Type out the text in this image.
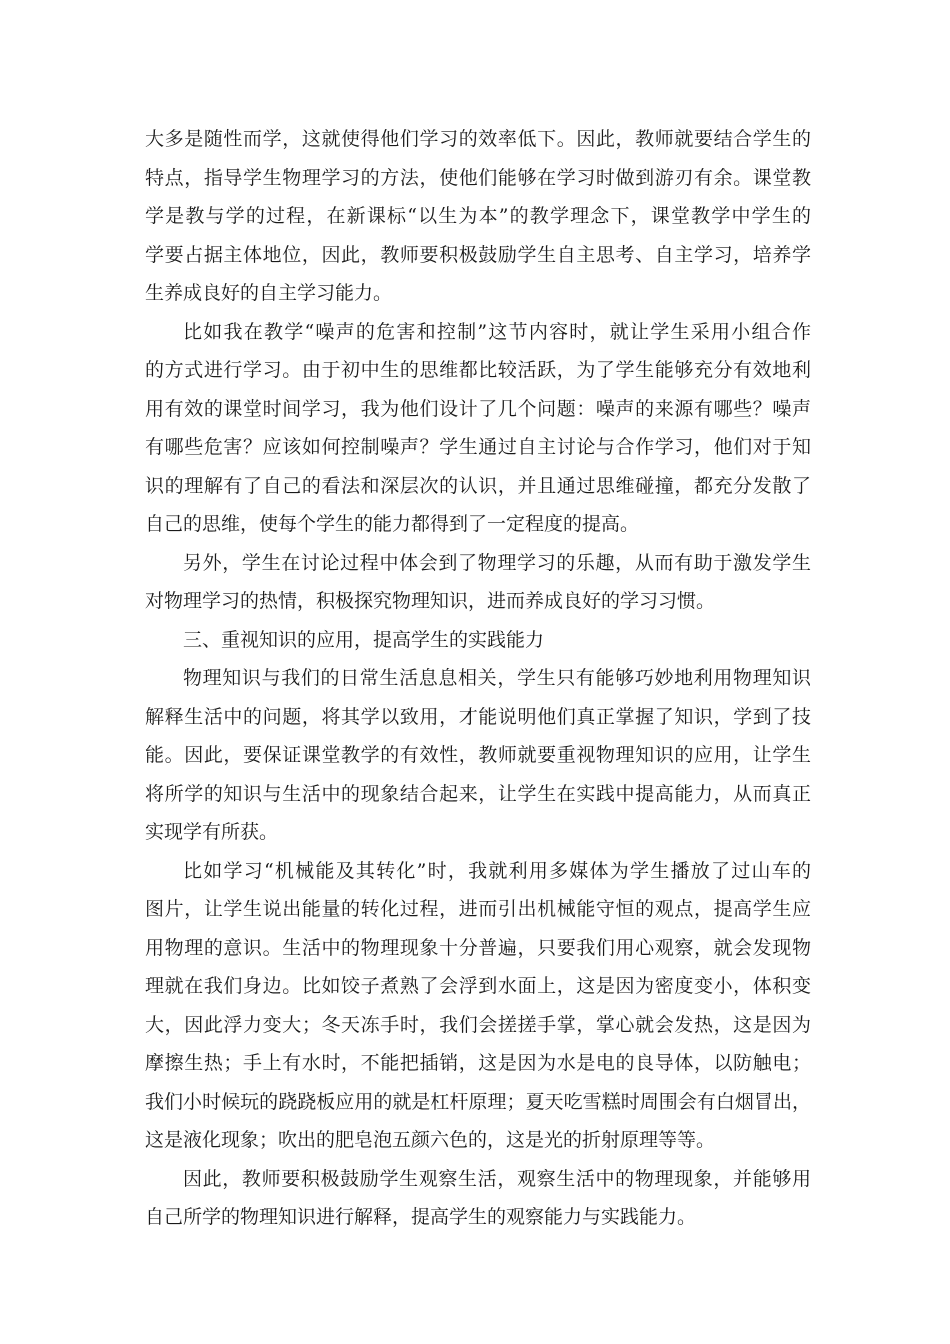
大多是随性而学，这就使得他们学习的效率低下。因此，教师就要结合学生的
特点，指导学生物理学习的方法，使他们能够在学习时做到游刃有余。课堂教
学是教与学的过程，在新课标“以生为本”的教学理念下，课堂教学中学生的
学要占据主体地位，因此，教师要积极鼓励学生自主思考、自主学习，培养学
生养成良好的自主学习能力。
比如我在教学“噪声的危害和控制”这节内容时，就让学生采用小组合作
的方式进行学习。由于初中生的思维都比较活跃，为了学生能够充分有效地利
用有效的课堂时间学习，我为他们设计了几个问题：噪声的来源有哪些？噪声
有哪些危害？应该如何控制噪声？学生通过自主讨论与合作学习，他们对于知
识的理解有了自己的看法和深层次的认识，并且通过思维碰撞，都充分发散了
自己的思维，使每个学生的能力都得到了一定程度的提高。
另外，学生在讨论过程中体会到了物理学习的乐趣，从而有助于激发学生
对物理学习的热情，积极探究物理知识，进而养成良好的学习习惯。
三、重视知识的应用，提高学生的实践能力
物理知识与我们的日常生活息息相关，学生只有能够巧妙地利用物理知识
解释生活中的问题，将其学以致用，才能说明他们真正掌握了知识，学到了技
能。因此，要保证课堂教学的有效性，教师就要重视物理知识的应用，让学生
将所学的知识与生活中的现象结合起来，让学生在实践中提高能力，从而真正
实现学有所获。
比如学习“机械能及其转化”时，我就利用多媒体为学生播放了过山车的
图片，让学生说出能量的转化过程，进而引出机械能守恒的观点，提高学生应
用物理的意识。生活中的物理现象十分普遍，只要我们用心观察，就会发现物
理就在我们身边。比如饺子煮熟了会浮到水面上，这是因为密度变小，体积变
大，因此浮力变大；冬天冻手时，我们会搓搓手掌，掌心就会发热，这是因为
摩擦生热；手上有水时，不能把插销，这是因为水是电的良导体，以防触电；
我们小时候玩的跷跷板应用的就是杠杆原理；夏天吃雪糕时周围会有白烟冒出，
这是液化现象；吹出的肥皂泡五颜六色的，这是光的折射原理等等。
因此，教师要积极鼓励学生观察生活，观察生活中的物理现象，并能够用
自己所学的物理知识进行解释，提高学生的观察能力与实践能力。
